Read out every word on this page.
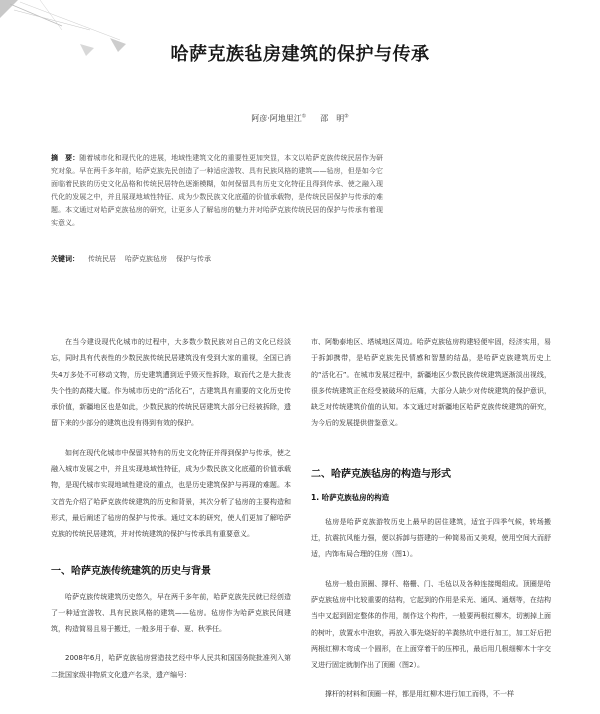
哈萨克族毡房建筑的保护与传承
阿彦·阿地里江① 邵　明②
摘　要：随着城市化和现代化的进展，地域性建筑文化的重要性更加突显，本文以哈萨克族传统民居作为研究对象。早在两千多年前，哈萨克族先民创造了一种适应游牧、具有民族风格的建筑——毡房，但是如今它面临着民族的历史文化品格和传统民居特色逐渐模糊，如何保留具有历史文化特征且得到传承、使之融入现代化的发展之中，并且展现地域性特征、成为少数民族文化底蕴的价值承载物，是传统民居保护与传承的难题。本文通过对哈萨克族毡房的研究，让更多人了解毡房的魅力并对哈萨克族传统民居的保护与传承有着现实意义。
关键词： 传统民居 哈萨克族毡房 保护与传承

在当今建设现代化城市的过程中，大多数少数民族对自己的文化已经淡忘，同时具有代表性的少数民族传统民居建筑没有受到大家的重视，全国已消失4万多处不可移动文物，历史建筑遭到近乎毁灭性拆除，取而代之是大批丧失个性的高楼大厦。作为城市历史的“活化石”，古建筑具有重要的文化历史传承价值，新疆地区也是如此，少数民族的传统民居建筑大部分已经被拆除，遗留下来的少部分的建筑也没有得到有效的保护。

如何在现代化城市中保留其特有的历史文化特征并得到保护与传承，使之融入城市发展之中，并且实现地域性特征，成为少数民族文化底蕴的价值承载物，是现代城市实现地域性建设的重点，也是历史建筑保护与再现的难题。本文首先介绍了哈萨克族传统建筑的历史和背景，其次分析了毡房的主要构造和形式，最后阐述了毡房的保护与传承。通过文本的研究，使人们更加了解哈萨克族的传统民居建筑，并对传统建筑的保护与传承具有重要意义。

一、哈萨克族传统建筑的历史与背景

哈萨克族传统建筑历史悠久，早在两千多年前，哈萨克族先民就已经创造了一种适宜游牧、具有民族风格的建筑——毡房。毡房作为哈萨克族民间建筑，构造简易且易于搬迁，一般多用于春、夏、秋季任。

2008年6月，哈萨克族毡房营造技艺经中华人民共和国国务院批准列入第二批国家级非物质文化遗产名录，遗产编号：

市、阿勒泰地区、塔城地区周边。哈萨克族毡房构建轻便牢固，经济实用，易于拆卸携带，是哈萨克族先民情感和智慧的结晶，是哈萨克族建筑历史上的“活化石”。在城市发展过程中，新疆地区少数民族传统建筑逐渐淡出视线，很多传统建筑正在经受被破坏的厄痛，大部分人缺少对传统建筑的保护意识，缺乏对传统建筑价值的认知。本文通过对新疆地区哈萨克族传统建筑的研究，为今后的发展提供借鉴意义。

二、哈萨克族毡房的构造与形式
1. 哈萨克族毡房的构造

毡房是哈萨克族游牧历史上最早的居住建筑，适宜于四季气候，转场搬迁，抗震抗风能力强，便以拆卸与搭建的一种简易而又美观，使用空间大而舒适，内饰布局合理的住房（图1）。

毡房一般由顶圈、撑杆、格栅、门、毛毡以及各种连接绳组成。顶圈是哈萨克族毡房中比较重要的结构，它起到的作用是采光、通风、通烟等，在结构当中又起到固定整体的作用，制作这个构件，一般要两根红柳木，切割掉上面的树叶，放置水中泡软，再放入事先烧好的羊粪热坑中进行加工，加工好后把两根红柳木弯成一个圆形，在上面穿着干的压榨孔，最后用几根细柳木十字交叉进行固定就制作出了顶圈（图2）。

撑杆的材料和顶圈一样，都是用红柳木进行加工而得，不一样
